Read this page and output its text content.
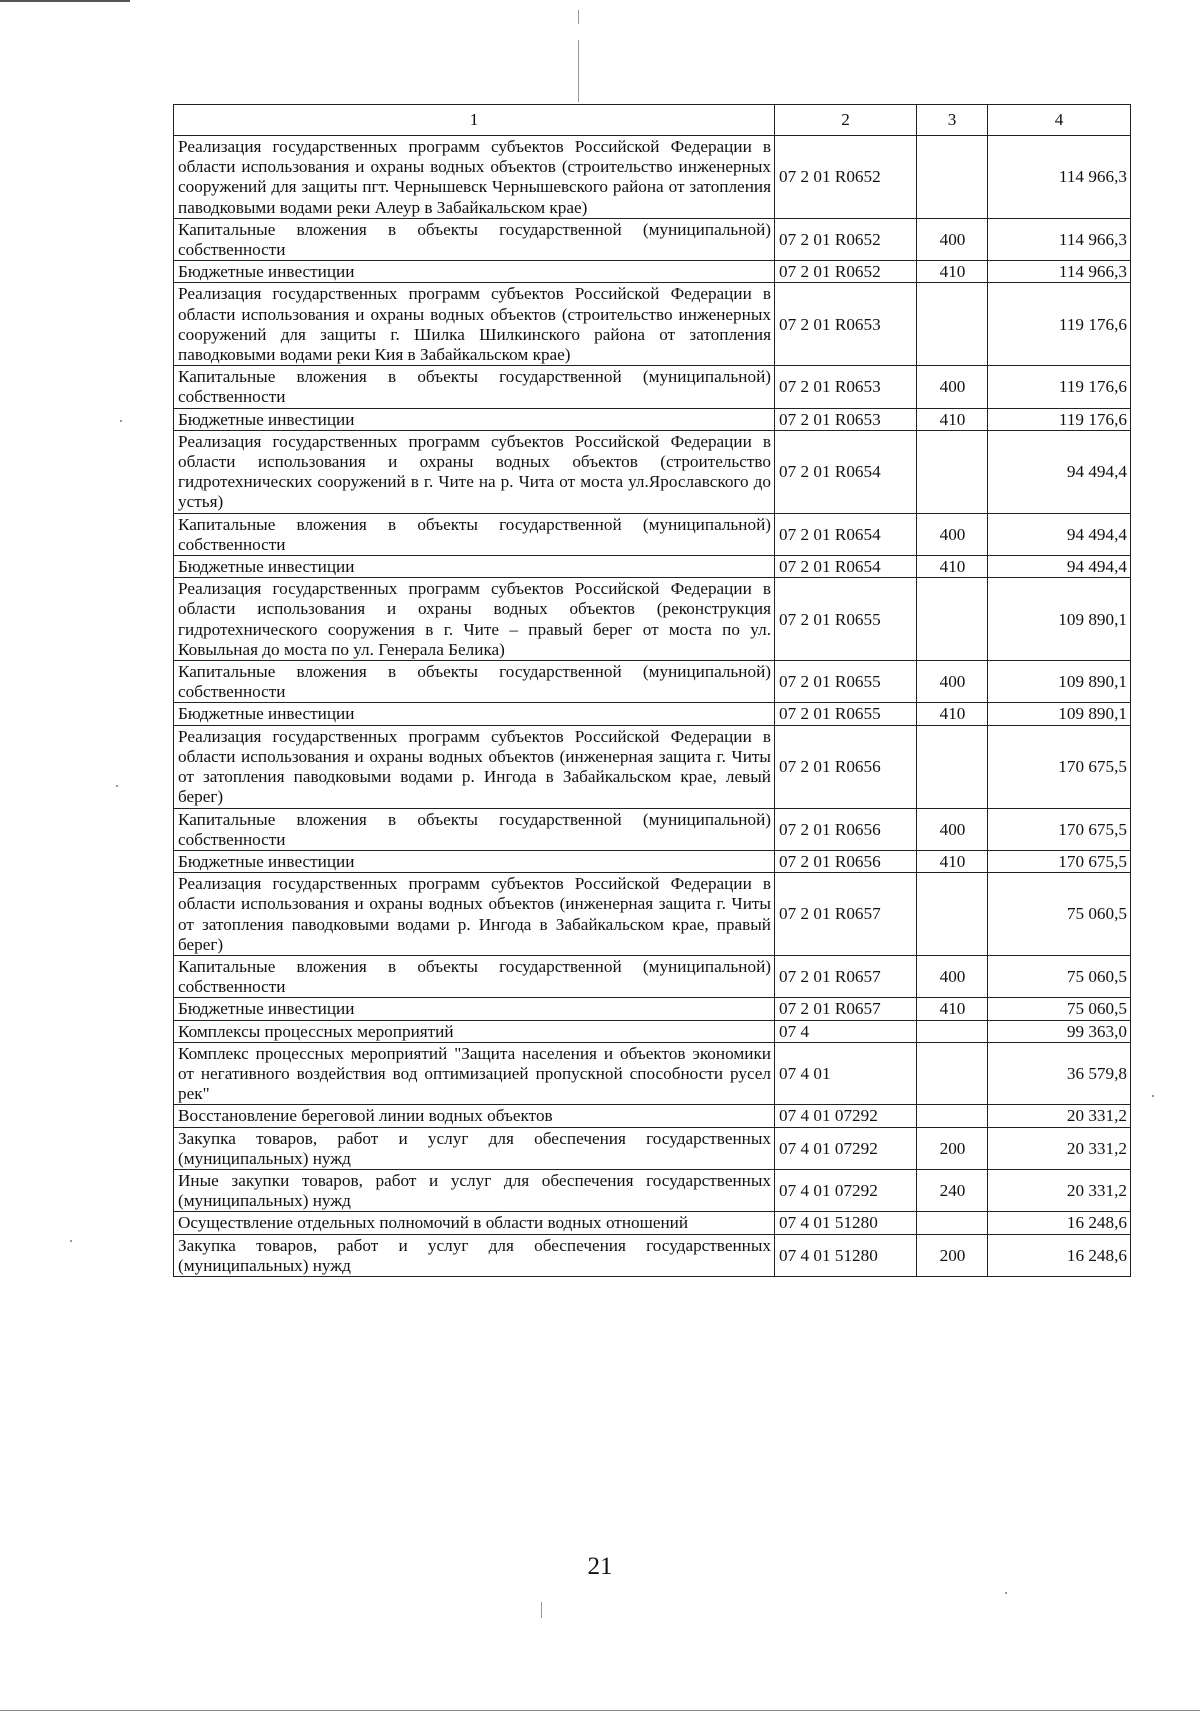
1	2	3	4
Реализация государственных программ субъектов Российской Федерации в области использования и охраны водных объектов (строительство инженерных сооружений для защиты пгт. Чернышевск Чернышевского района от затопления паводковыми водами реки Алеур в Забайкальском крае)	07 2 01 R0652		114 966,3
Капитальные вложения в объекты государственной (муниципальной) собственности	07 2 01 R0652	400	114 966,3
Бюджетные инвестиции	07 2 01 R0652	410	114 966,3
Реализация государственных программ субъектов Российской Федерации в области использования и охраны водных объектов (строительство инженерных сооружений для защиты г. Шилка Шилкинского района от затопления паводковыми водами реки Кия в Забайкальском крае)	07 2 01 R0653		119 176,6
Капитальные вложения в объекты государственной (муниципальной) собственности	07 2 01 R0653	400	119 176,6
Бюджетные инвестиции	07 2 01 R0653	410	119 176,6
Реализация государственных программ субъектов Российской Федерации в области использования и охраны водных объектов (строительство гидротехнических сооружений в г. Чите на р. Чита от моста ул.Ярославского до устья)	07 2 01 R0654		94 494,4
Капитальные вложения в объекты государственной (муниципальной) собственности	07 2 01 R0654	400	94 494,4
Бюджетные инвестиции	07 2 01 R0654	410	94 494,4
Реализация государственных программ субъектов Российской Федерации в области использования и охраны водных объектов (реконструкция гидротехнического сооружения в г. Чите – правый берег от моста по ул. Ковыльная до моста по ул. Генерала Белика)	07 2 01 R0655		109 890,1
Капитальные вложения в объекты государственной (муниципальной) собственности	07 2 01 R0655	400	109 890,1
Бюджетные инвестиции	07 2 01 R0655	410	109 890,1
Реализация государственных программ субъектов Российской Федерации в области использования и охраны водных объектов (инженерная защита г. Читы от затопления паводковыми водами р. Ингода в Забайкальском крае, левый берег)	07 2 01 R0656		170 675,5
Капитальные вложения в объекты государственной (муниципальной) собственности	07 2 01 R0656	400	170 675,5
Бюджетные инвестиции	07 2 01 R0656	410	170 675,5
Реализация государственных программ субъектов Российской Федерации в области использования и охраны водных объектов (инженерная защита г. Читы от затопления паводковыми водами р. Ингода в Забайкальском крае, правый берег)	07 2 01 R0657		75 060,5
Капитальные вложения в объекты государственной (муниципальной) собственности	07 2 01 R0657	400	75 060,5
Бюджетные инвестиции	07 2 01 R0657	410	75 060,5
Комплексы процессных мероприятий	07 4		99 363,0
Комплекс процессных мероприятий "Защита населения и объектов экономики от негативного воздействия вод оптимизацией пропускной способности русел рек"	07 4 01		36 579,8
Восстановление береговой линии водных объектов	07 4 01 07292		20 331,2
Закупка товаров, работ и услуг для обеспечения государственных (муниципальных) нужд	07 4 01 07292	200	20 331,2
Иные закупки товаров, работ и услуг для обеспечения государственных (муниципальных) нужд	07 4 01 07292	240	20 331,2
Осуществление отдельных полномочий в области водных отношений	07 4 01 51280		16 248,6
Закупка товаров, работ и услуг для обеспечения государственных (муниципальных) нужд	07 4 01 51280	200	16 248,6
21
